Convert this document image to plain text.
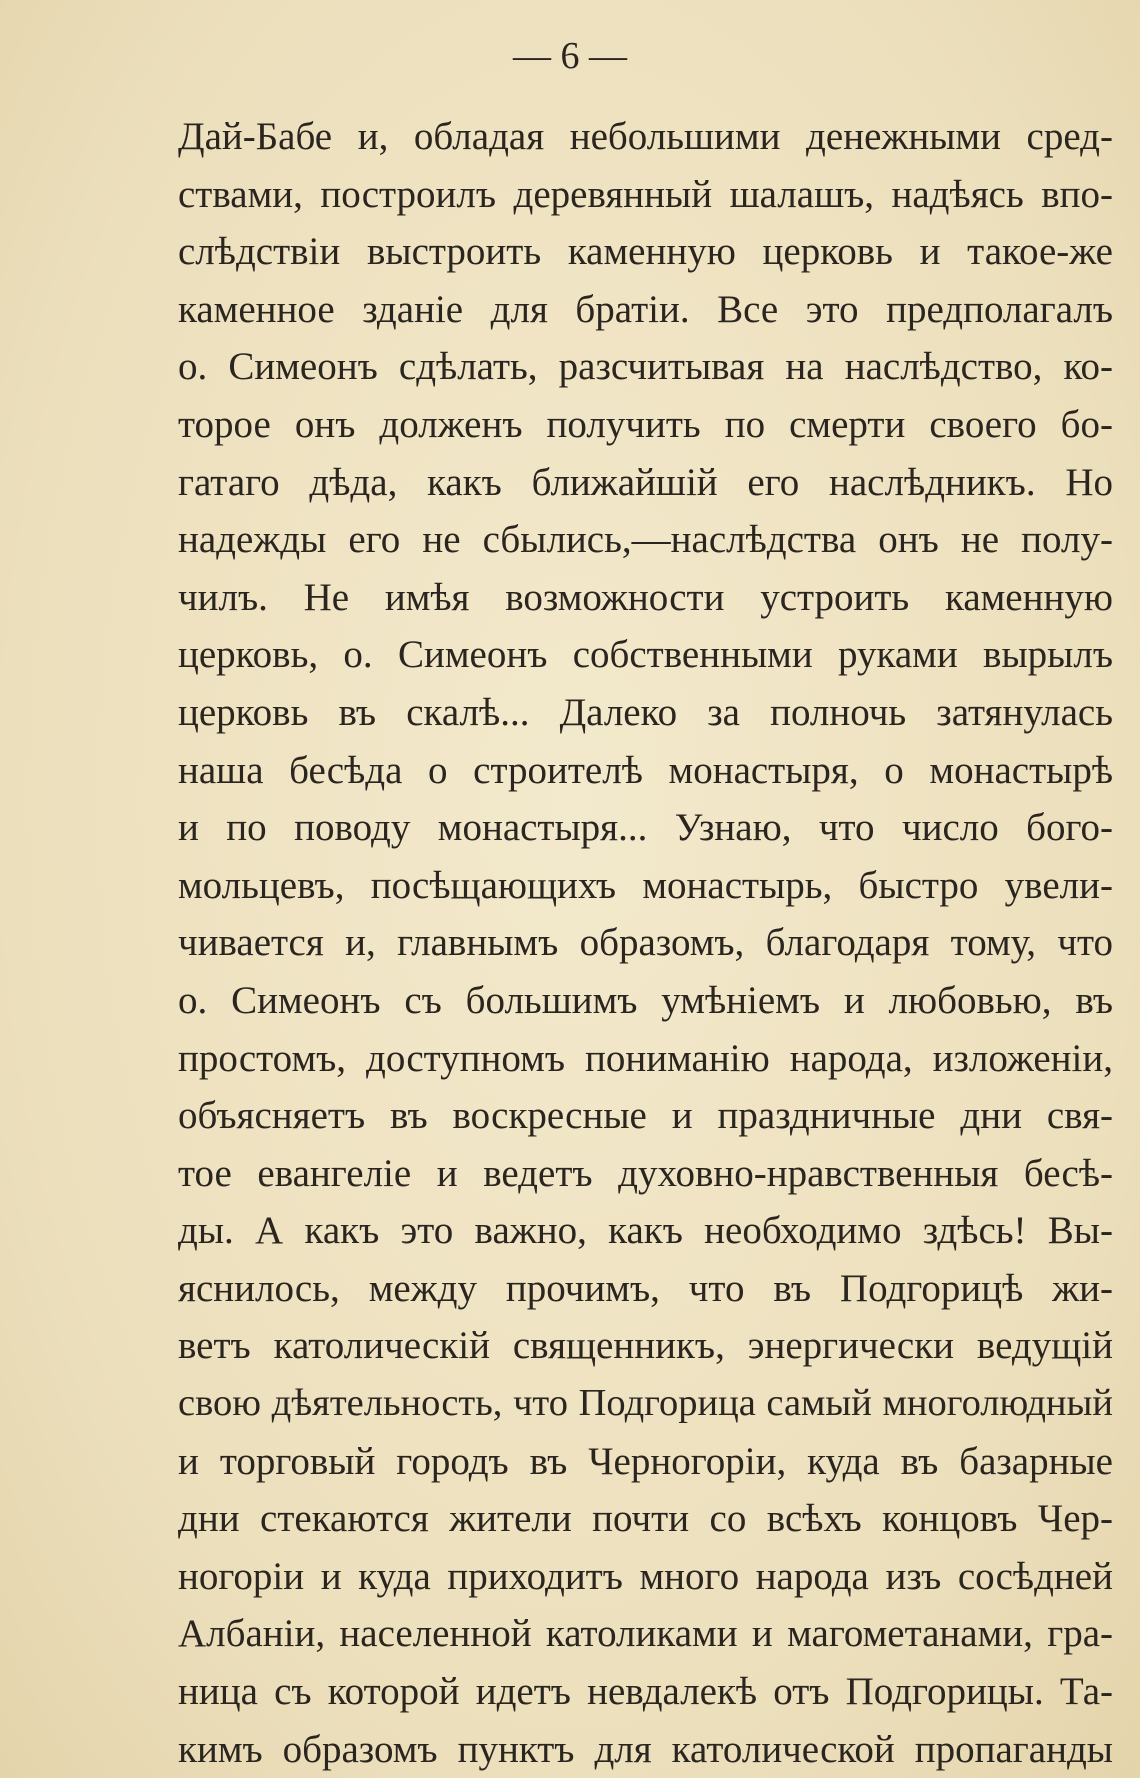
— 6 —
Дай-Бабе и, обладая небольшими денежными сред-
ствами, построилъ деревянный шалашъ, надѣясь впо-
слѣдствіи выстроить каменную церковь и такое-же
каменное зданіе для братіи. Все это предполагалъ
о. Симеонъ сдѣлать, разсчитывая на наслѣдство, ко-
торое онъ долженъ получить по смерти своего бо-
гатаго дѣда, какъ ближайшій его наслѣдникъ. Но
надежды его не сбылись,—наслѣдства онъ не полу-
чилъ. Не имѣя возможности устроить каменную
церковь, о. Симеонъ собственными руками вырылъ
церковь въ скалѣ... Далеко за полночь затянулась
наша бесѣда о строителѣ монастыря, о монастырѣ
и по поводу монастыря... Узнаю, что число бого-
мольцевъ, посѣщающихъ монастырь, быстро увели-
чивается и, главнымъ образомъ, благодаря тому, что
о. Симеонъ съ большимъ умѣніемъ и любовью, въ
простомъ, доступномъ пониманію народа, изложеніи,
объясняетъ въ воскресные и праздничные дни свя-
тое евангеліе и ведетъ духовно-нравственныя бесѣ-
ды. А какъ это важно, какъ необходимо здѣсь! Вы-
яснилось, между прочимъ, что въ Подгорицѣ жи-
ветъ католическій священникъ, энергически ведущій
свою дѣятельность, что Подгорица самый многолюдный
и торговый городъ въ Черногоріи, куда въ базарные
дни стекаются жители почти со всѣхъ концовъ Чер-
ногоріи и куда приходитъ много народа изъ сосѣдней
Албаніи, населенной католиками и магометанами, гра-
ница съ которой идетъ невдалекѣ отъ Подгорицы. Та-
кимъ образомъ пунктъ для католической пропаганды
